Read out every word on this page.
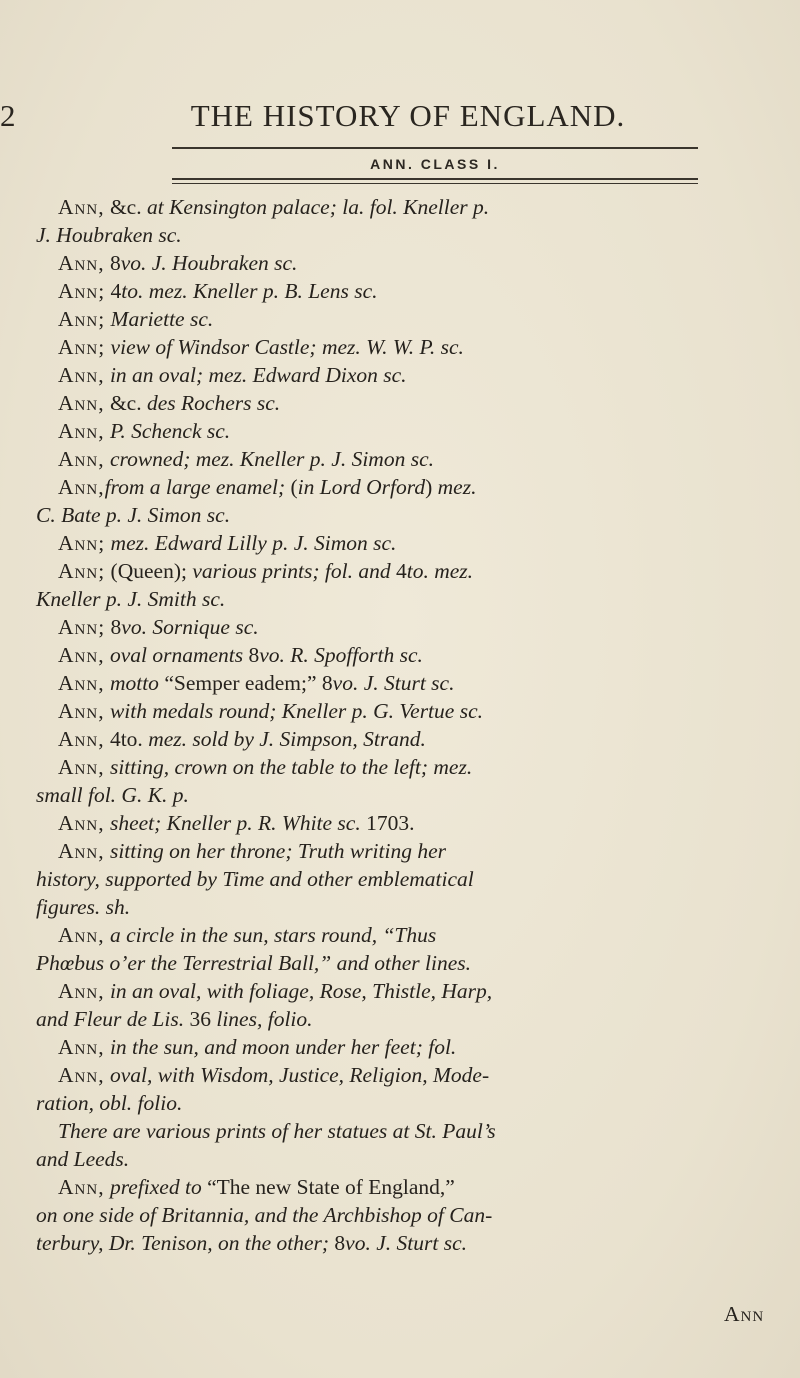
2	THE HISTORY OF ENGLAND.
ANN. CLASS I.
Ann, &c. at Kensington palace; la. fol. Kneller p.
J. Houbraken sc.
Ann, 8vo. J. Houbraken sc.
Ann; 4to. mez. Kneller p. B. Lens sc.
Ann; Mariette sc.
Ann; view of Windsor Castle; mez. W. W. P. sc.
Ann, in an oval; mez. Edward Dixon sc.
Ann, &c. des Rochers sc.
Ann, P. Schenck sc.
Ann, crowned; mez. Kneller p. J. Simon sc.
Ann,from a large enamel; (in Lord Orford) mez.
C. Bate p. J. Simon sc.
Ann; mez. Edward Lilly p. J. Simon sc.
Ann; (Queen); various prints; fol. and 4to. mez.
Kneller p. J. Smith sc.
Ann; 8vo. Sornique sc.
Ann, oval ornaments 8vo. R. Spofforth sc.
Ann, motto “Semper eadem;” 8vo. J. Sturt sc.
Ann, with medals round; Kneller p. G. Vertue sc.
Ann, 4to. mez. sold by J. Simpson, Strand.
Ann, sitting, crown on the table to the left; mez.
small fol. G. K. p.
Ann, sheet; Kneller p. R. White sc. 1703.
Ann, sitting on her throne; Truth writing her
history, supported by Time and other emblematical
figures. sh.
Ann, a circle in the sun, stars round, “Thus
Phœbus o’er the Terrestrial Ball,” and other lines.
Ann, in an oval, with foliage, Rose, Thistle, Harp,
and Fleur de Lis. 36 lines, folio.
Ann, in the sun, and moon under her feet; fol.
Ann, oval, with Wisdom, Justice, Religion, Mode-
ration, obl. folio.
There are various prints of her statues at St. Paul’s
and Leeds.
Ann, prefixed to “The new State of England,”
on one side of Britannia, and the Archbishop of Can-
terbury, Dr. Tenison, on the other; 8vo. J. Sturt sc.
Ann
